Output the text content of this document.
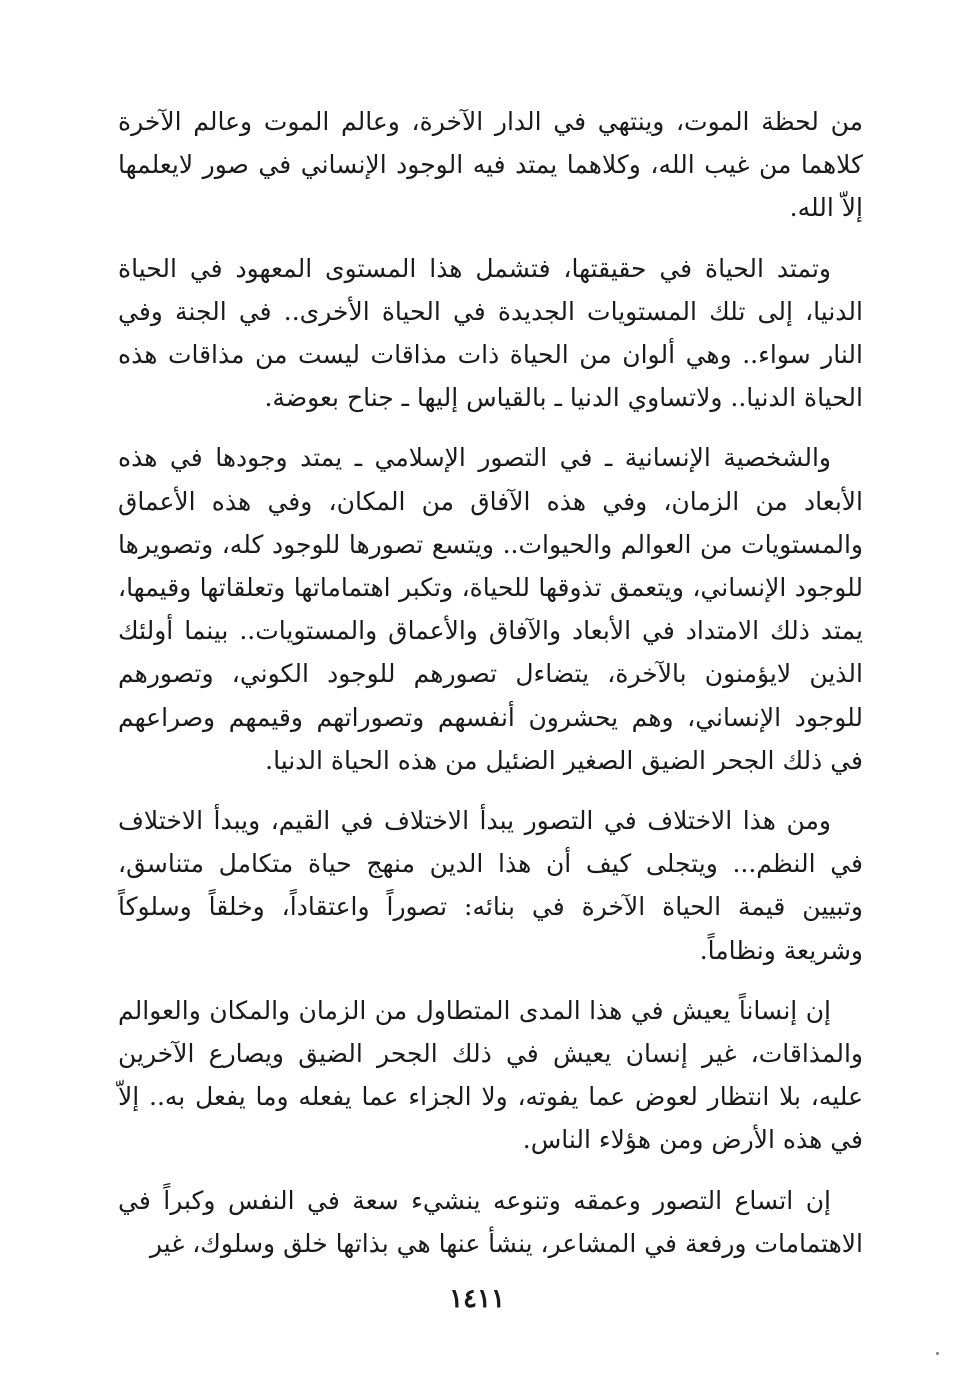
من لحظة الموت، وينتهي في الدار الآخرة، وعالم الموت وعالم الآخرة كلاهما من غيب الله، وكلاهما يمتد فيه الوجود الإنساني في صور لايعلمها إلاّ الله.

وتمتد الحياة في حقيقتها، فتشمل هذا المستوى المعهود في الحياة الدنيا، إلى تلك المستويات الجديدة في الحياة الأخرى.. في الجنة وفي النار سواء.. وهي ألوان من الحياة ذات مذاقات ليست من مذاقات هذه الحياة الدنيا.. ولاتساوي الدنيا ـ بالقياس إليها ـ جناح بعوضة.

والشخصية الإنسانية ـ في التصور الإسلامي ـ يمتد وجودها في هذه الأبعاد من الزمان، وفي هذه الآفاق من المكان، وفي هذه الأعماق والمستويات من العوالم والحيوات.. ويتسع تصورها للوجود كله، وتصويرها للوجود الإنساني، ويتعمق تذوقها للحياة، وتكبر اهتماماتها وتعلقاتها وقيمها، يمتد ذلك الامتداد في الأبعاد والآفاق والأعماق والمستويات.. بينما أولئك الذين لايؤمنون بالآخرة، يتضاءل تصورهم للوجود الكوني، وتصورهم للوجود الإنساني، وهم يحشرون أنفسهم وتصوراتهم وقيمهم وصراعهم في ذلك الجحر الضيق الصغير الضئيل من هذه الحياة الدنيا.

ومن هذا الاختلاف في التصور يبدأ الاختلاف في القيم، ويبدأ الاختلاف في النظم... ويتجلى كيف أن هذا الدين منهج حياة متكامل متناسق، وتبيين قيمة الحياة الآخرة في بنائه: تصوراً واعتقاداً، وخلقاً وسلوكاً وشريعة ونظاماً.

إن إنساناً يعيش في هذا المدى المتطاول من الزمان والمكان والعوالم والمذاقات، غير إنسان يعيش في ذلك الجحر الضيق ويصارع الآخرين عليه، بلا انتظار لعوض عما يفوته، ولا الجزاء عما يفعله وما يفعل به.. إلاّ في هذه الأرض ومن هؤلاء الناس.

إن اتساع التصور وعمقه وتنوعه ينشيء سعة في النفس وكبراً في الاهتمامات ورفعة في المشاعر، ينشأ عنها هي بذاتها خلق وسلوك، غير

١٤١١
